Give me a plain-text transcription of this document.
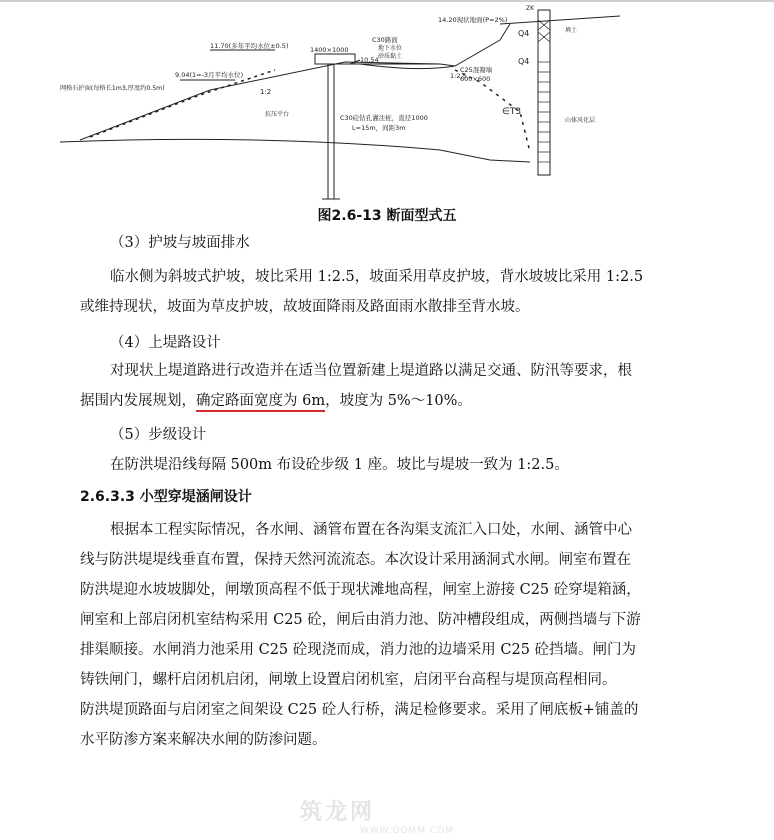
14.20现状地面(P=2%)
11.70(多年平均水位±0.5)
9.04(1=-3月平均水位)
10.54
1:2
C30路面
1400×1000
网格石护面(每格长1m3,厚度约0.5m)
C25混凝墙
600×600
C30砼钻孔灌注桩，直径1000
L=15m，间距3m
Q4
Q4
∈T3
填土
抗压平台
山体风化层
地下水位
砂质黏土
ZK
1:2.5
图2.6-13 断面型式五

（3）护坡与坡面排水

临水侧为斜坡式护坡，坡比采用 1:2.5，坡面采用草皮护坡，背水坡坡比采用 1:2.5
或维持现状，坡面为草皮护坡，故坡面降雨及路面雨水散排至背水坡。

（4）上堤路设计

对现状上堤道路进行改造并在适当位置新建上堤道路以满足交通、防汛等要求，根
据围内发展规划，确定路面宽度为 6m，坡度为 5%～10%。

（5）步级设计

在防洪堤沿线每隔 500m 布设砼步级 1 座。坡比与堤坡一致为 1:2.5。

2.6.3.3 小型穿堤涵闸设计

根据本工程实际情况，各水闸、涵管布置在各沟渠支流汇入口处，水闸、涵管中心
线与防洪堤堤线垂直布置，保持天然河流流态。本次设计采用涵洞式水闸。闸室布置在
防洪堤迎水坡坡脚处，闸墩顶高程不低于现状滩地高程，闸室上游接 C25 砼穿堤箱涵，
闸室和上部启闭机室结构采用 C25 砼，闸后由消力池、防冲槽段组成，两侧挡墙与下游
排渠顺接。水闸消力池采用 C25 砼现浇而成，消力池的边墙采用 C25 砼挡墙。闸门为
铸铁闸门，螺杆启闭机启闭，闸墩上设置启闭机室，启闭平台高程与堤顶高程相同。
防洪堤顶路面与启闭室之间架设 C25 砼人行桥，满足检修要求。采用了闸底板+铺盖的
水平防渗方案来解决水闸的防渗问题。
筑龙网
WWW.GDMM.COM
